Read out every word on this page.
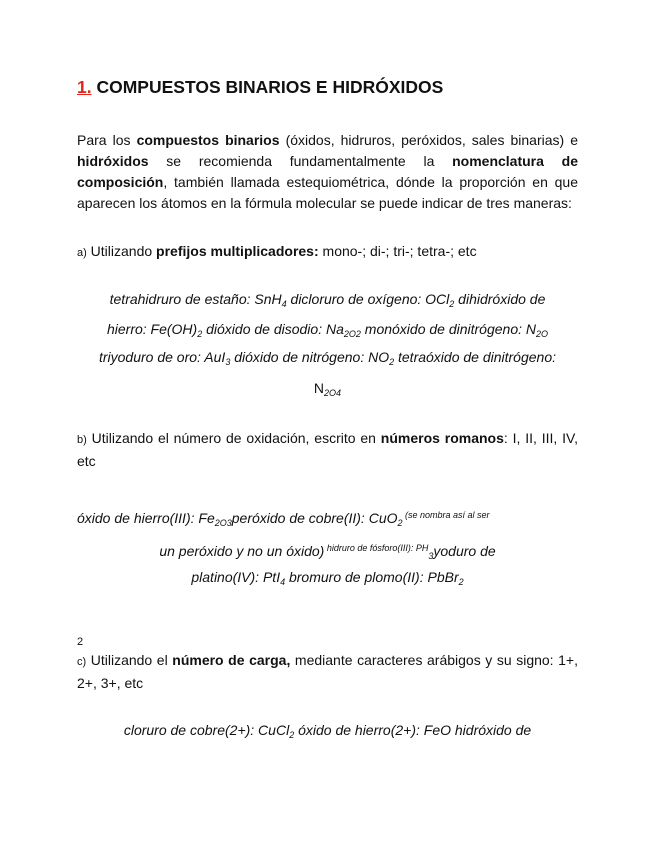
1. COMPUESTOS BINARIOS E HIDRÓXIDOS

Para los compuestos binarios (óxidos, hidruros, peróxidos, sales binarias) e hidróxidos se recomienda fundamentalmente la nomenclatura de composición, también llamada estequiométrica, dónde la proporción en que aparecen los átomos en la fórmula molecular se puede indicar de tres maneras:

a) Utilizando prefijos multiplicadores: mono-; di-; tri-; tetra-; etc

tetrahidruro de estaño: SnH$_4$ dicloruro de oxígeno: OCl$_2$ dihidróxido de

hierro: $Fe(OH)_2$ dióxido de disodio: $Na_{2O2}$ monóxido de dinitrógeno: $N_{2O}$

triyoduro de oro: AuI$_3$ dióxido de nitrógeno: $NO_2$ tetraóxido de dinitrógeno:

$N_{2O4}$

b) Utilizando el número de oxidación, escrito en números romanos: I, II, III, IV, etc

óxido de hierro(III): $Fe_{2O3}peróxido$ de cobre(II): CuO$_2$ $^{(se nombra así al ser}$

un peróxido y no un óxido) $^{hidruro de fósforo(III): PH}_3$yoduro de

platino(IV): PtI$_4$ bromuro de plomo(II): PbBr$_2$

2

c) Utilizando el número de carga, mediante caracteres arábigos y su signo: 1+, 2+, 3+, etc

cloruro de cobre(2+): CuCl$_2$ óxido de hierro(2+): FeO hidróxido de
